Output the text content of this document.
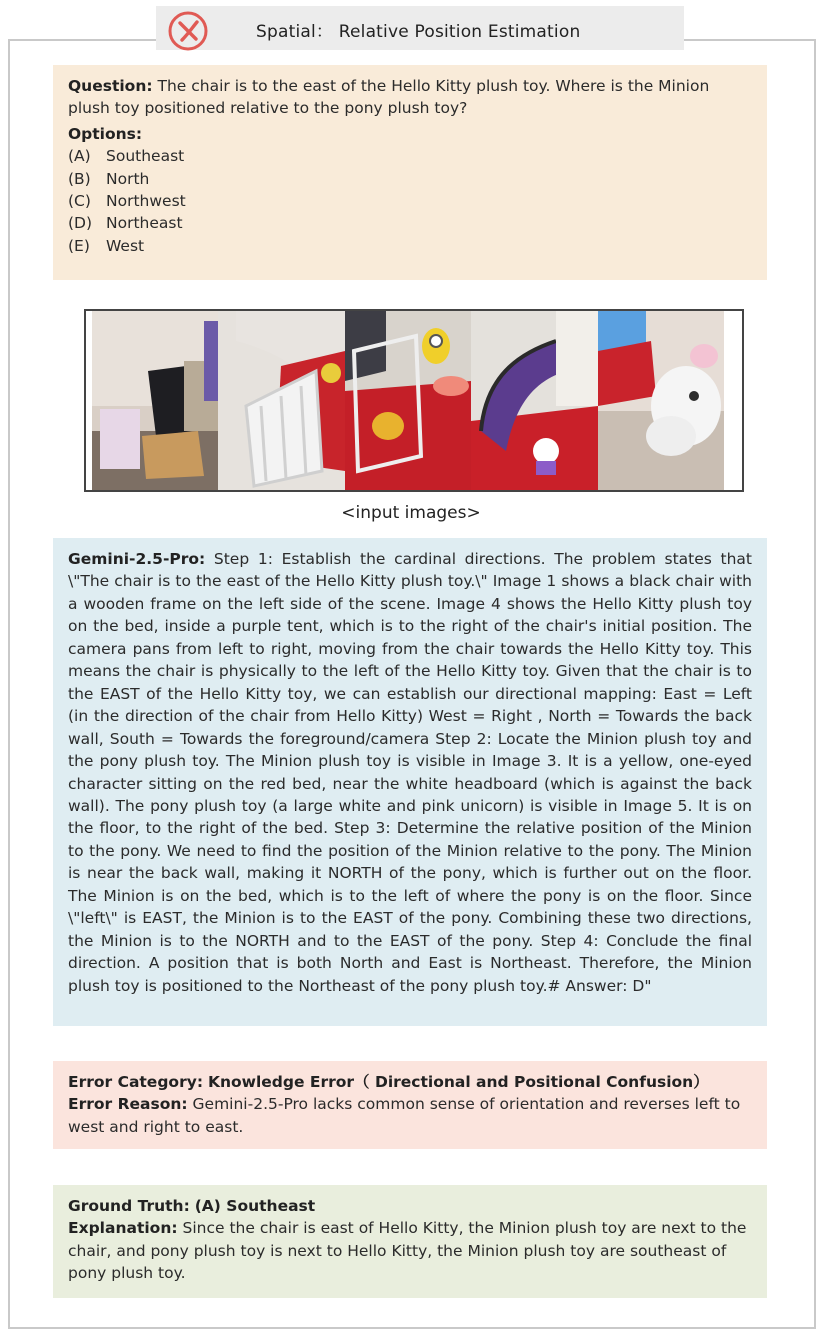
Spatial： Relative Position Estimation

Question: The chair is to the east of the Hello Kitty plush toy. Where is the Minion plush toy positioned relative to the pony plush toy?

Options:

(A) Southeast

(B) North

(C) Northwest

(D) Northeast

(E) West

<input images>
Gemini-2.5-Pro: Step 1: Establish the cardinal directions. The problem states that \"The chair is to the east of the Hello Kitty plush toy.\" Image 1 shows a black chair with a wooden frame on the left side of the scene. Image 4 shows the Hello Kitty plush toy on the bed, inside a purple tent, which is to the right of the chair's initial position. The camera pans from left to right, moving from the chair towards the Hello Kitty toy. This means the chair is physically to the left of the Hello Kitty toy. Given that the chair is to the EAST of the Hello Kitty toy, we can establish our directional mapping: East = Left (in the direction of the chair from Hello Kitty) West = Right , North = Towards the back wall, South = Towards the foreground/camera Step 2: Locate the Minion plush toy and the pony plush toy. The Minion plush toy is visible in Image 3. It is a yellow, one-eyed character sitting on the red bed, near the white headboard (which is against the back wall). The pony plush toy (a large white and pink unicorn) is visible in Image 5. It is on the floor, to the right of the bed. Step 3: Determine the relative position of the Minion to the pony. We need to find the position of the Minion relative to the pony. The Minion is near the back wall, making it NORTH of the pony, which is further out on the floor. The Minion is on the bed, which is to the left of where the pony is on the floor. Since \"left\" is EAST, the Minion is to the EAST of the pony. Combining these two directions, the Minion is to the NORTH and to the EAST of the pony. Step 4: Conclude the final direction. A position that is both North and East is Northeast. Therefore, the Minion plush toy is positioned to the Northeast of the pony plush toy.# Answer: D"
Error Category: Knowledge Error（ Directional and Positional Confusion）
Error Reason: Gemini-2.5-Pro lacks common sense of orientation and reverses left to west and right to east.
Ground Truth: (A) Southeast
Explanation: Since the chair is east of Hello Kitty, the Minion plush toy are next to the chair, and pony plush toy is next to Hello Kitty, the Minion plush toy are southeast of pony plush toy.
